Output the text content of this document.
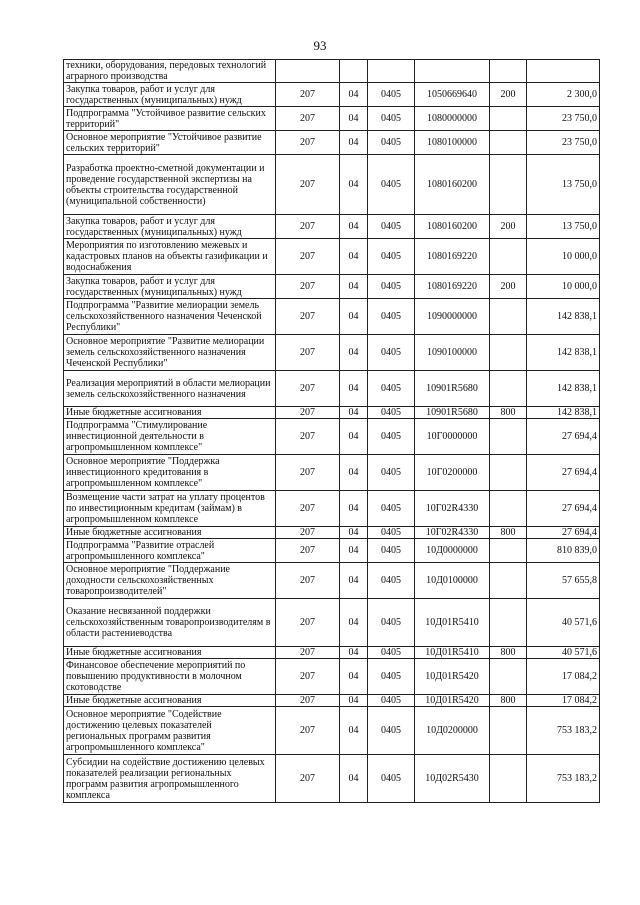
93
техники, оборудования, передовых технологий аграрного производства						
Закупка товаров, работ и услуг для государственных (муниципальных) нужд	207	04	0405	1050669640	200	2 300,0
Подпрограмма "Устойчивое развитие сельских территорий"	207	04	0405	1080000000		23 750,0
Основное мероприятие "Устойчивое развитие сельских территорий"	207	04	0405	1080100000		23 750,0
Разработка проектно-сметной документации и проведение государственной экспертизы на объекты строительства государственной (муниципальной собственности)	207	04	0405	1080160200		13 750,0
Закупка товаров, работ и услуг для государственных (муниципальных) нужд	207	04	0405	1080160200	200	13 750,0
Мероприятия по изготовлению межевых и кадастровых планов на объекты газификации и водоснабжения	207	04	0405	1080169220		10 000,0
Закупка товаров, работ и услуг для государственных (муниципальных) нужд	207	04	0405	1080169220	200	10 000,0
Подпрограмма "Развитие мелиорации земель сельскохозяйственного назначения Чеченской Республики"	207	04	0405	1090000000		142 838,1
Основное мероприятие "Развитие мелиорации земель сельскохозяйственного назначения Чеченской Республики"	207	04	0405	1090100000		142 838,1
Реализация мероприятий в области мелиорации земель сельскохозяйственного назначения	207	04	0405	10901R5680		142 838,1
Иные бюджетные ассигнования	207	04	0405	10901R5680	800	142 838,1
Подпрограмма "Стимулирование инвестиционной деятельности в агропромышленном комплексе"	207	04	0405	10Г0000000		27 694,4
Основное мероприятие "Поддержка инвестиционного кредитования в агропромышленном комплексе"	207	04	0405	10Г0200000		27 694,4
Возмещение части затрат на уплату процентов по инвестиционным кредитам (займам) в агропромышленном комплексе	207	04	0405	10Г02R4330		27 694,4
Иные бюджетные ассигнования	207	04	0405	10Г02R4330	800	27 694,4
Подпрограмма "Развитие отраслей агропромышленного комплекса"	207	04	0405	10Д0000000		810 839,0
Основное мероприятие "Поддержание доходности сельскохозяйственных товаропроизводителей"	207	04	0405	10Д0100000		57 655,8
Оказание несвязанной поддержки сельскохозяйственным товаропроизводителям в области растениеводства	207	04	0405	10Д01R5410		40 571,6
Иные бюджетные ассигнования	207	04	0405	10Д01R5410	800	40 571,6
Финансовое обеспечение мероприятий по повышению продуктивности в молочном скотоводстве	207	04	0405	10Д01R5420		17 084,2
Иные бюджетные ассигнования	207	04	0405	10Д01R5420	800	17 084,2
Основное мероприятие "Содействие достижению целевых показателей региональных программ развития агропромышленного комплекса"	207	04	0405	10Д0200000		753 183,2
Субсидии на содействие достижению целевых показателей реализации региональных программ развития агропромышленного комплекса	207	04	0405	10Д02R5430		753 183,2
